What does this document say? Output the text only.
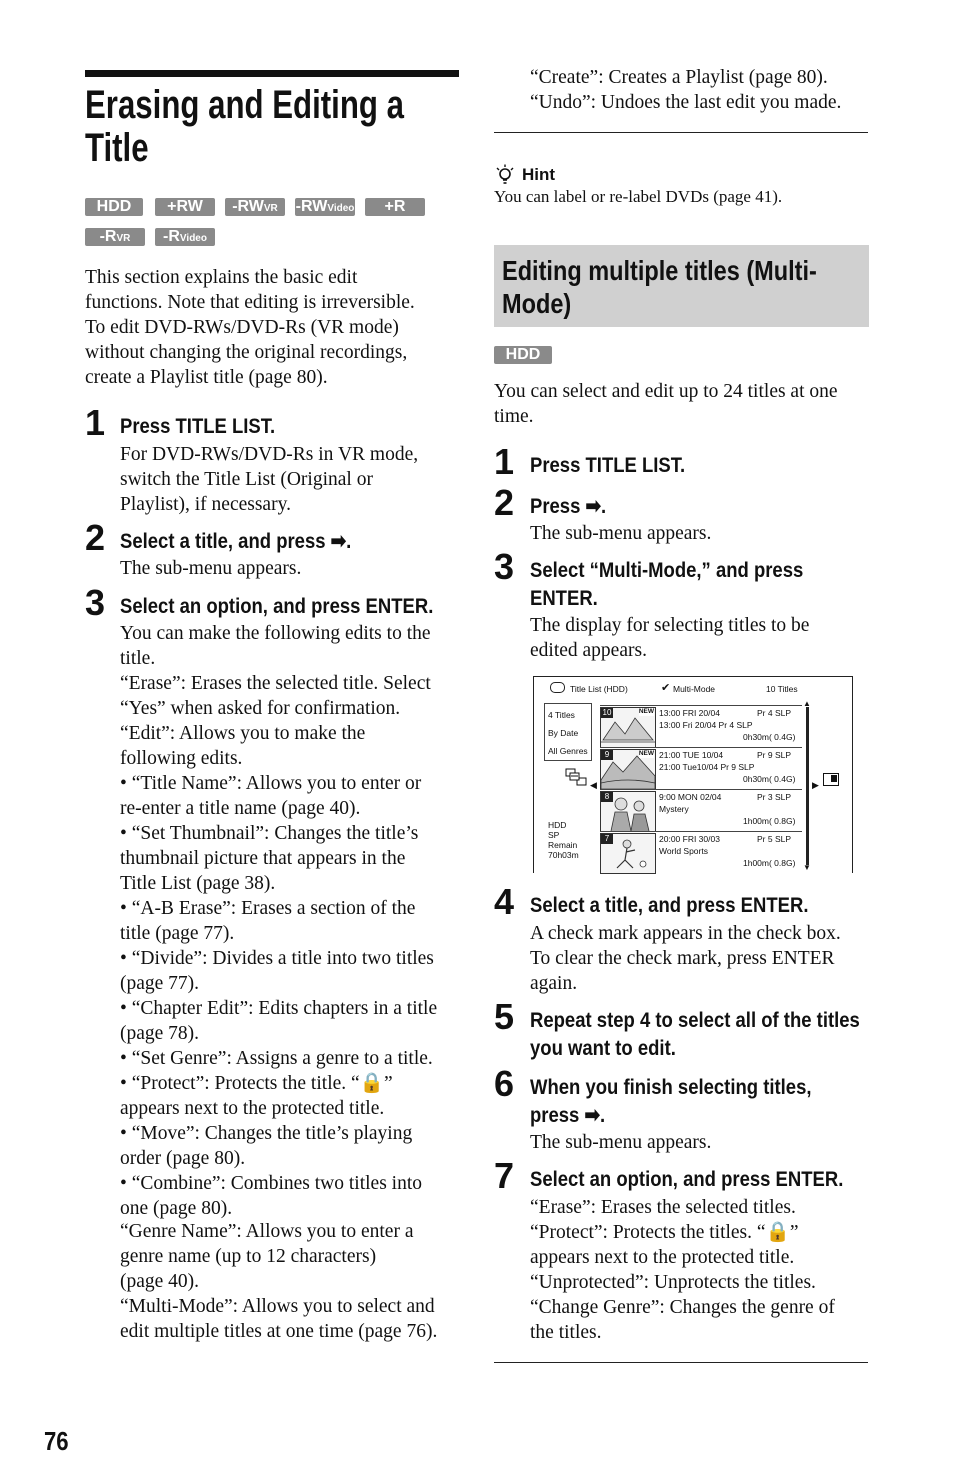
76
Erasing and Editing a
Title
HDD	+RW	-RWVR	-RWVideo	+R
-RVR	-RVideo
This section explains the basic edit
functions. Note that editing is irreversible.
To edit DVD-RWs/DVD-Rs (VR mode)
without changing the original recordings,
create a Playlist title (page 80).
1 Press TITLE LIST.
For DVD-RWs/DVD-Rs in VR mode,
switch the Title List (Original or
Playlist), if necessary.
2 Select a title, and press ➡.
The sub-menu appears.
3 Select an option, and press ENTER.
You can make the following edits to the
title.
“Erase”: Erases the selected title. Select
“Yes” when asked for confirmation.
“Edit”: Allows you to make the
following edits.
• “Title Name”: Allows you to enter or
re-enter a title name (page 40).
• “Set Thumbnail”: Changes the title’s
thumbnail picture that appears in the
Title List (page 38).
• “A-B Erase”: Erases a section of the
title (page 77).
• “Divide”: Divides a title into two titles
(page 77).
• “Chapter Edit”: Edits chapters in a title
(page 78).
• “Set Genre”: Assigns a genre to a title.
• “Protect”: Protects the title. “🔒”
appears next to the protected title.
• “Move”: Changes the title’s playing
order (page 80).
• “Combine”: Combines two titles into
one (page 80).
“Genre Name”: Allows you to enter a
genre name (up to 12 characters)
(page 40).
“Multi-Mode”: Allows you to select and
edit multiple titles at one time (page 76).
“Create”: Creates a Playlist (page 80).
“Undo”: Undoes the last edit you made.
Hint
You can label or re-label DVDs (page 41).
Editing multiple titles (Multi-
Mode)
HDD
You can select and edit up to 24 titles at one
time.
1 Press TITLE LIST.
2 Press ➡.
The sub-menu appears.
3 Select “Multi-Mode,” and press
ENTER.
The display for selecting titles to be
edited appears.
Title List (HDD)	✔ Multi-Mode	10 Titles
4 Titles
By Date
All Genres
◀
HDD
SP
Remain
70h03m
10	NEW 13:00 FRI 20/04	Pr 4 SLP
13:00 Fri 20/04 Pr 4 SLP
0h30m( 0.4G)
9	NEW 21:00 TUE 10/04	Pr 9 SLP
21:00 Tue10/04 Pr 9 SLP
0h30m( 0.4G)
8	9:00 MON 02/04	Pr 3 SLP
Mystery
1h00m( 0.8G)
7	20:00 FRI 30/03	Pr 5 SLP
World Sports
1h00m( 0.8G)
▲
▼
▶
4 Select a title, and press ENTER.
A check mark appears in the check box.
To clear the check mark, press ENTER
again.
5 Repeat step 4 to select all of the titles
you want to edit.
6 When you finish selecting titles,
press ➡.
The sub-menu appears.
7 Select an option, and press ENTER.
“Erase”: Erases the selected titles.
“Protect”: Protects the titles. “🔒”
appears next to the protected title.
“Unprotected”: Unprotects the titles.
“Change Genre”: Changes the genre of
the titles.
